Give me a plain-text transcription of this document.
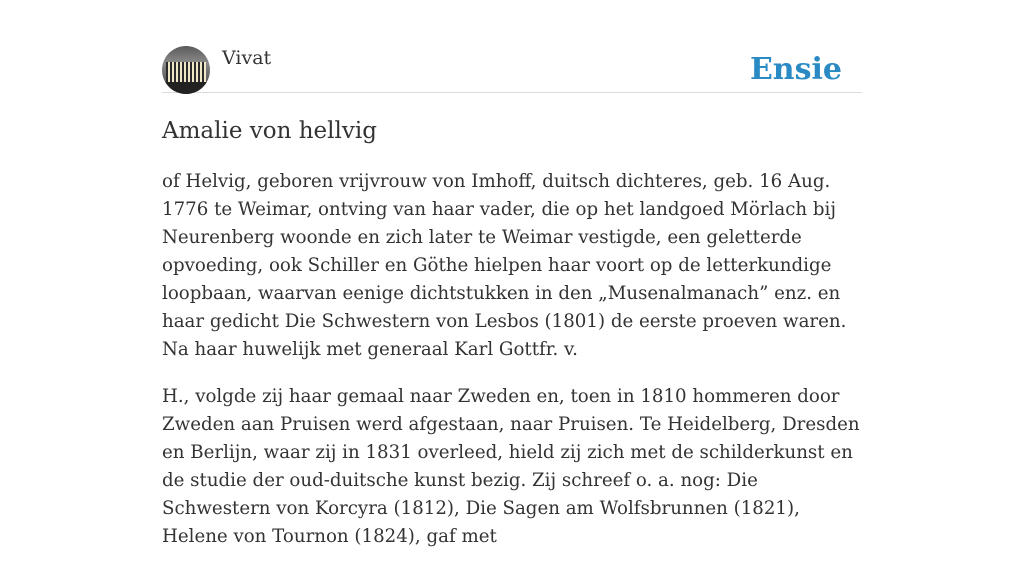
Vivat	Ensie
Amalie von hellvig

of Helvig, geboren vrijvrouw von Imhoff, duitsch dichteres, geb. 16 Aug. 1776 te Weimar, ontving van haar vader, die op het landgoed Mörlach bij Neurenberg woonde en zich later te Weimar vestigde, een geletterde opvoeding, ook Schiller en Göthe hielpen haar voort op de letterkundige loopbaan, waarvan eenige dichtstukken in den „Musenalmanach” enz. en haar gedicht Die Schwestern von Lesbos (1801) de eerste proeven waren. Na haar huwelijk met generaal Karl Gottfr. v.

H., volgde zij haar gemaal naar Zweden en, toen in 1810 hommeren door Zweden aan Pruisen werd afgestaan, naar Pruisen. Te Heidelberg, Dresden en Berlijn, waar zij in 1831 overleed, hield zij zich met de schilderkunst en de studie der oud-duitsche kunst bezig. Zij schreef o. a. nog: Die Schwestern von Korcyra (1812), Die Sagen am Wolfsbrunnen (1821), Helene von Tournon (1824), gaf met
